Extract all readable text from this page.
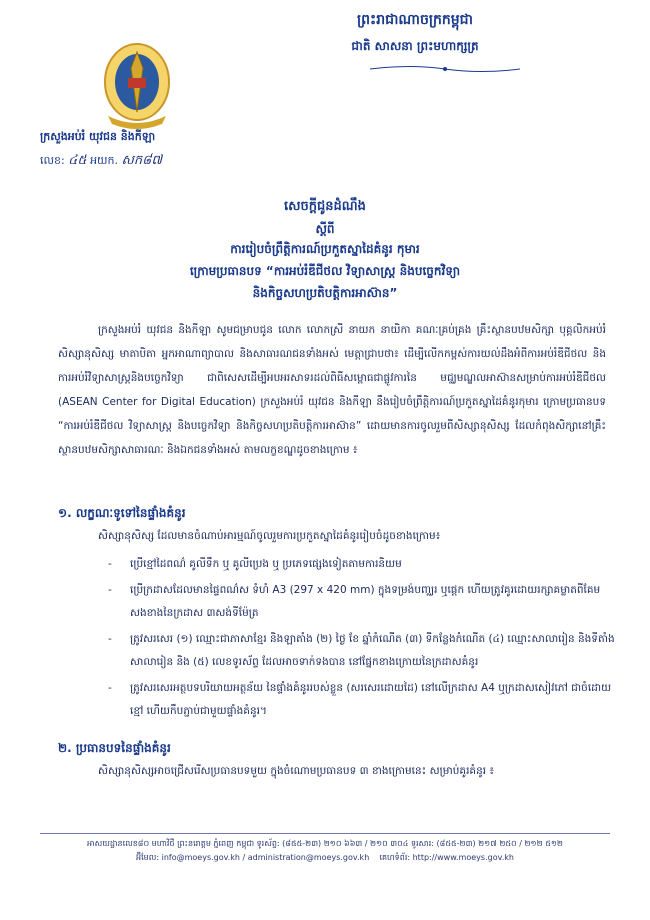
ព្រះរាជាណាចក្រកម្ពុជា
ជាតិ សាសនា ព្រះមហាក្សត្រ
ក្រសួងអប់រំ យុវជន និងកីឡា
លេខ: ៤៥ អយក. សក៨៧
សេចក្តីជូនដំណឹង
ស្តីពី
ការរៀបចំព្រឹត្តិការណ៍ប្រកួតស្នាដៃគំនូរ កុមារ
ក្រោមប្រធានបទ “ការអប់រំឌីជីថល វិទ្យាសាស្ត្រ និងបច្ចេកវិទ្យា
និងកិច្ចសហប្រតិបត្តិការអាស៊ាន”
ក្រសួងអប់រំ យុវជន និងកីឡា សូមជម្រាបជូន លោក លោកស្រី នាយក នាយិកា គណៈគ្រប់គ្រង គ្រឹះស្ថានបឋមសិក្សា បុគ្គលិកអប់រំ សិស្សានុសិស្ស មាតាបិតា អ្នកអាណាព្យាបាល និងសាធារណជនទាំងអស់ មេត្តាជ្រាបថា៖ ដើម្បីលើកកម្ពស់ការយល់ដឹងអំពីការអប់រំឌីជីថល និងការអប់រំវិទ្យាសាស្ត្រនិងបច្ចេកវិទ្យា ជាពិសេសដើម្បីអបអរសាទរដល់ពិធីសម្ពោធជាផ្លូវការនៃ មជ្ឈមណ្ឌលអាស៊ានសម្រាប់ការអប់រំឌីជីថល (ASEAN Center for Digital Education) ក្រសួងអប់រំ យុវជន និងកីឡា នឹងរៀបចំព្រឹត្តិការណ៍ប្រកួតស្នាដៃគំនូរកុមារ ក្រោមប្រធានបទ “ការអប់រំឌីជីថល វិទ្យាសាស្ត្រ និងបច្ចេកវិទ្យា និងកិច្ចសហប្រតិបត្តិការអាស៊ាន” ដោយមានការចូលរួមពីសិស្សានុសិស្ស ដែលកំពុងសិក្សានៅគ្រឹះស្ថានបឋមសិក្សាសាធារណៈ និងឯកជនទាំងអស់ តាមលក្ខខណ្ឌដូចខាងក្រោម ៖
១. លក្ខណៈទូទៅនៃផ្ទាំងគំនូរ
សិស្សានុសិស្ស ដែលមានចំណាប់អារម្មណ៍ចូលរួមការប្រកួតស្នាដៃគំនូររៀបចំដូចខាងក្រោម៖
- ប្រើខ្មៅដៃពណ៌ គូលីទឹក ឬ គូលីប្រេង ឬ ប្រភេទផ្សេងទៀតតាមការនិយម
- ប្រើក្រដាសដែលមានផ្ទៃពណ៌ស ទំហំ A3 (297 x 420 mm) ក្នុងទម្រង់បញ្ឈរ ឬផ្តេក ហើយត្រូវគូរដោយរក្សាគម្លាតពីគែមសងខាងនៃក្រដាស ៣សង់ទីម៉ែត្រ
- ត្រូវសរសេរ (១) ឈ្មោះជាភាសាខ្មែរ និងឡាតាំង (២) ថ្ងៃ ខែ ឆ្នាំកំណើត (៣) ទីកន្លែងកំណើត (៤) ឈ្មោះសាលារៀន និងទីតាំងសាលារៀន និង (៥) លេខទូរស័ព្ទ ដែលអាចទាក់ទងបាន នៅផ្នែកខាងក្រោយនៃក្រដាសគំនូរ
- ត្រូវសរសេរអត្ថបទបរិយាយអត្ថន័យ នៃផ្ទាំងគំនូររបស់ខ្លួន (សរសេរដោយដៃ) នៅលើក្រដាស A4 ឬក្រដាសសៀវភៅ ជាចំដោយខ្មៅ ហើយកឹបភ្ជាប់ជាមួយផ្ទាំងគំនូរ។
២. ប្រធានបទនៃផ្ទាំងគំនូរ
សិស្សានុសិស្សអាចជ្រើសរើសប្រធានបទមួយ ក្នុងចំណោមប្រធានបទ ៣ ខាងក្រោមនេះ សម្រាប់គូរគំនូរ ៖
អាសយដ្ឋានលេខ៨០ មហាវិថី ព្រះនរោត្តម ភ្នំពេញ កម្ពុជា ទូរស័ព្ទ: (៨៥៥-២៣) ២១០ ៦៦៣ / ២១០ ៣០៤ ទូរសារ: (៨៥៥-២៣) ២១៧ ២៥០ / ២១២ ៥១២
អ៊ីមែល: info@moeys.gov.kh / administration@moeys.gov.kh គេហទំព័រ: http://www.moeys.gov.kh
